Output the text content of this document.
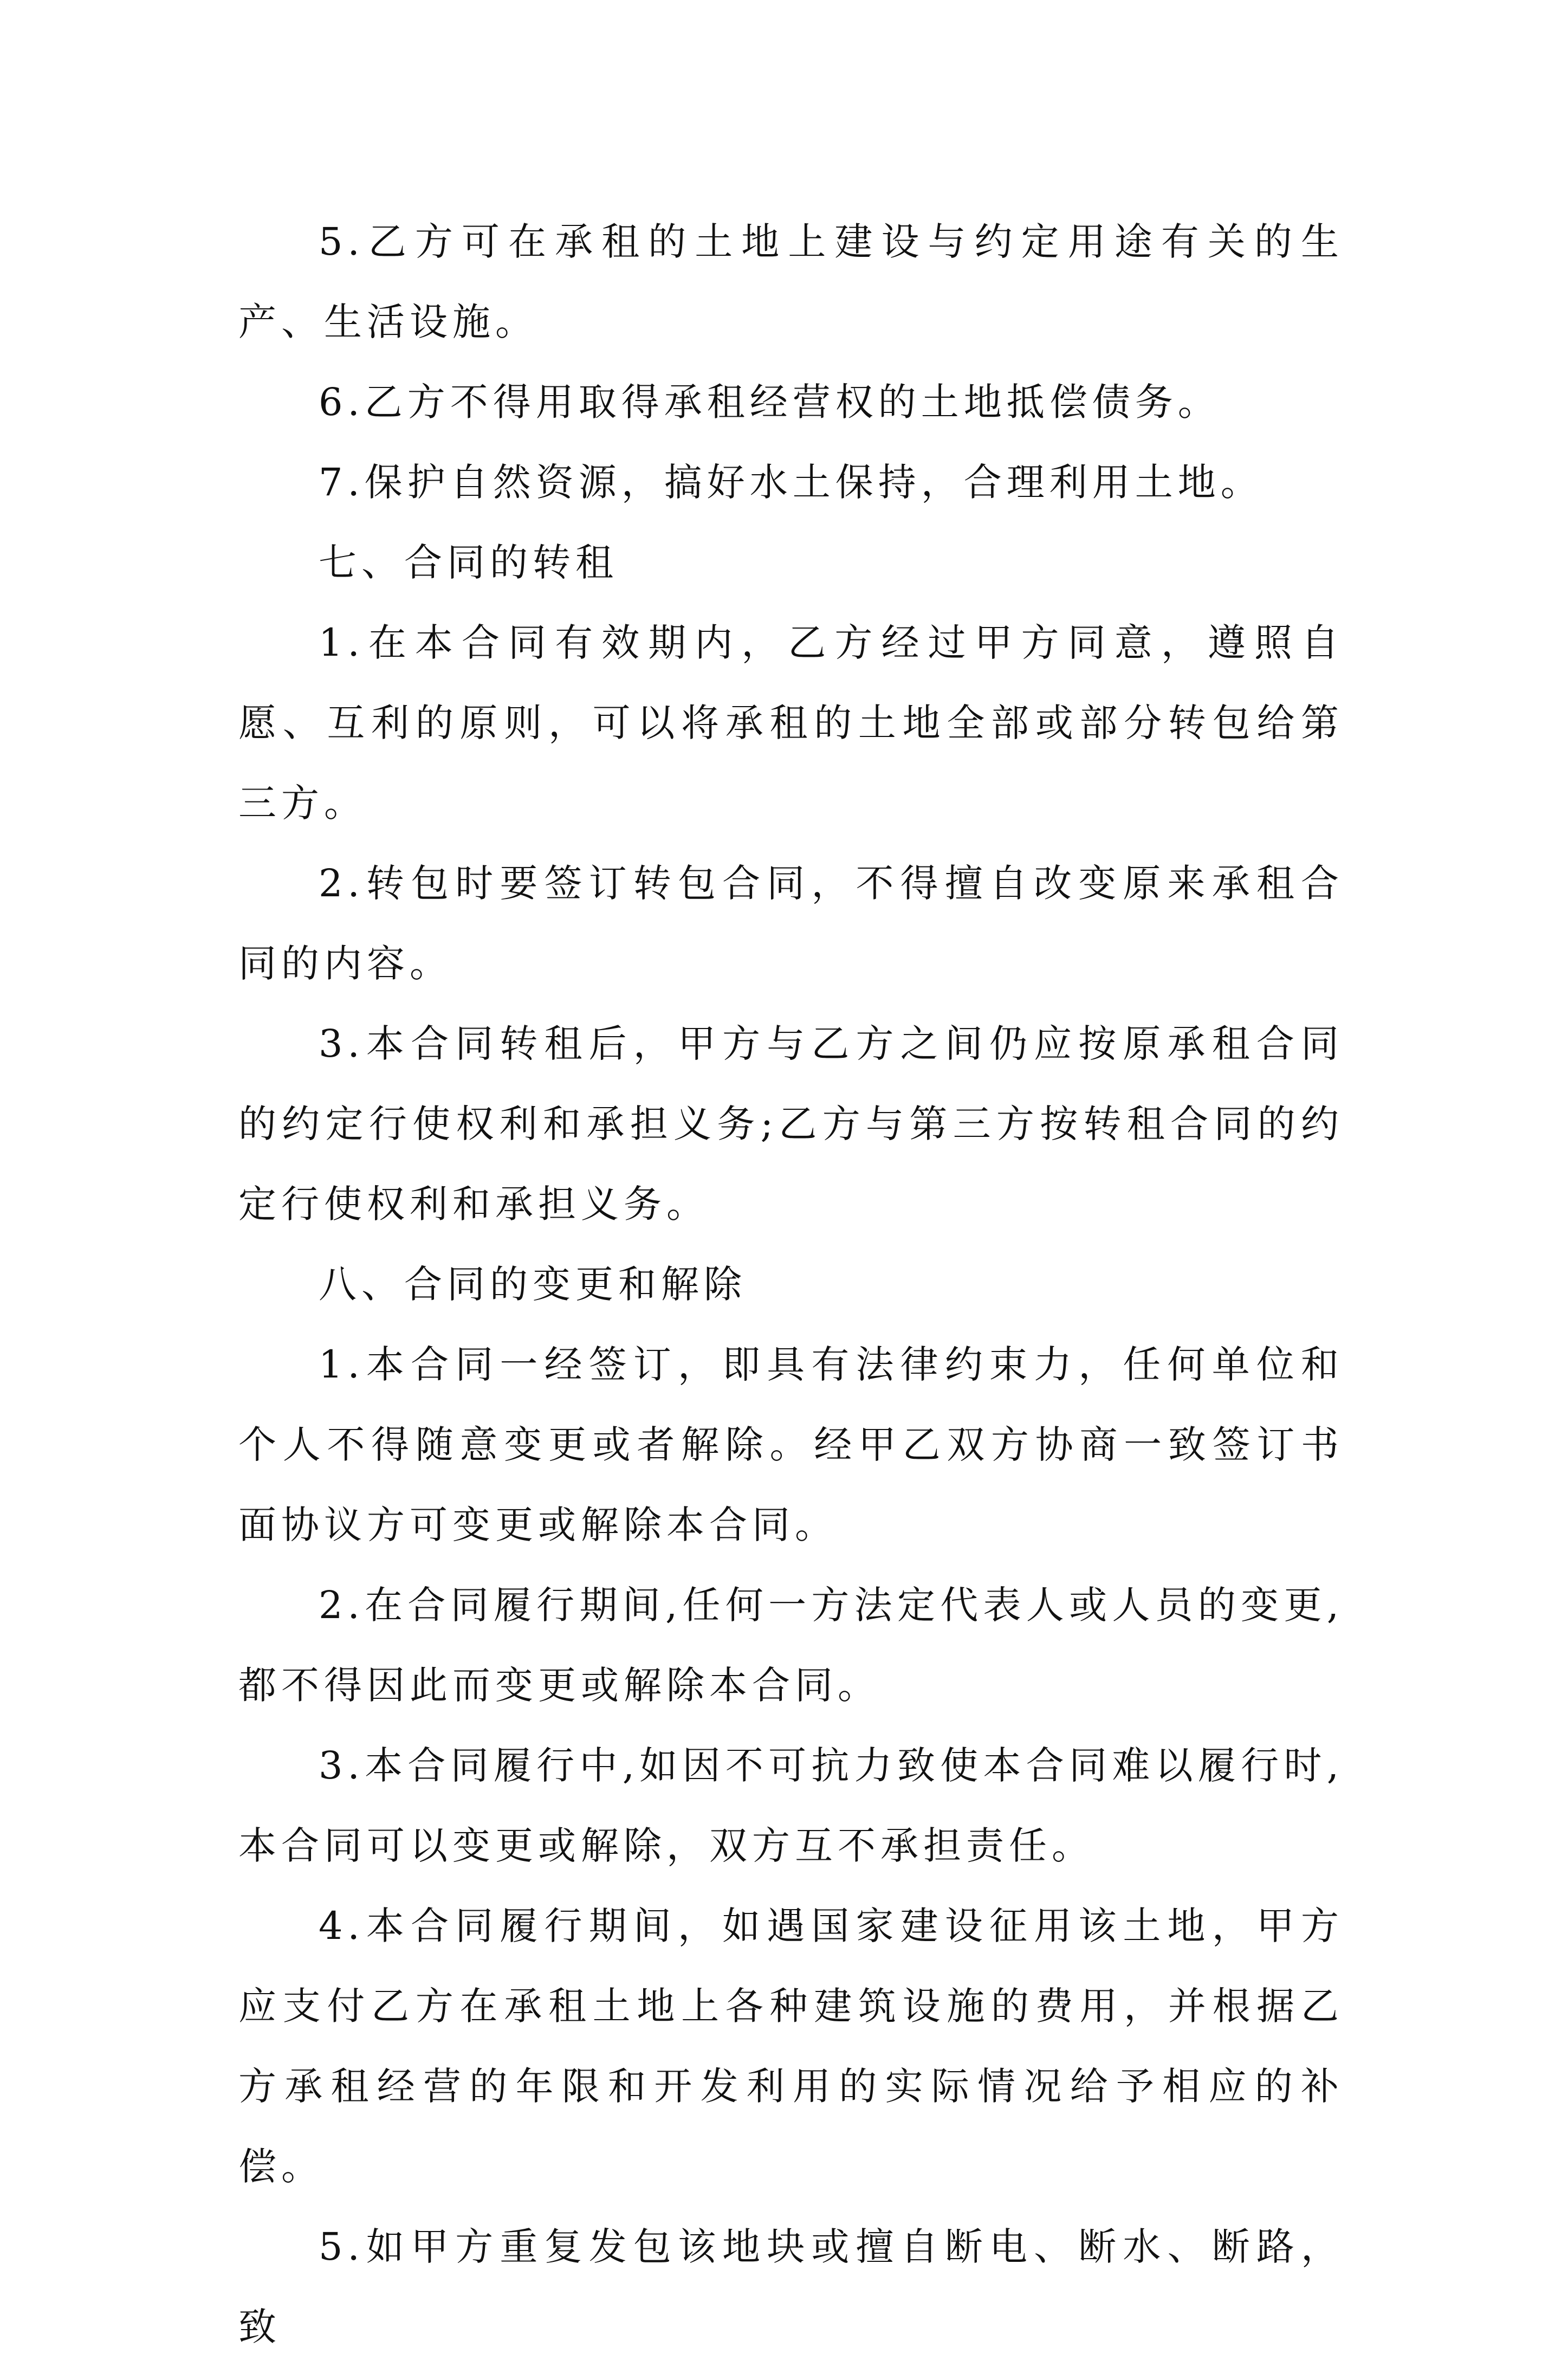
5.乙方可在承租的土地上建设与约定用途有关的生产、生活设施。

6.乙方不得用取得承租经营权的土地抵偿债务。

7.保护自然资源，搞好水土保持，合理利用土地。

七、合同的转租

1.在本合同有效期内，乙方经过甲方同意，遵照自愿、互利的原则，可以将承租的土地全部或部分转包给第三方。

2.转包时要签订转包合同，不得擅自改变原来承租合同的内容。

3.本合同转租后，甲方与乙方之间仍应按原承租合同的约定行使权利和承担义务;乙方与第三方按转租合同的约定行使权利和承担义务。

八、合同的变更和解除

1.本合同一经签订，即具有法律约束力，任何单位和个人不得随意变更或者解除。经甲乙双方协商一致签订书面协议方可变更或解除本合同。

2.在合同履行期间,任何一方法定代表人或人员的变更,都不得因此而变更或解除本合同。

3.本合同履行中,如因不可抗力致使本合同难以履行时,本合同可以变更或解除，双方互不承担责任。

4.本合同履行期间，如遇国家建设征用该土地，甲方应支付乙方在承租土地上各种建筑设施的费用，并根据乙方承租经营的年限和开发利用的实际情况给予相应的补偿。

5.如甲方重复发包该地块或擅自断电、断水、断路，致
